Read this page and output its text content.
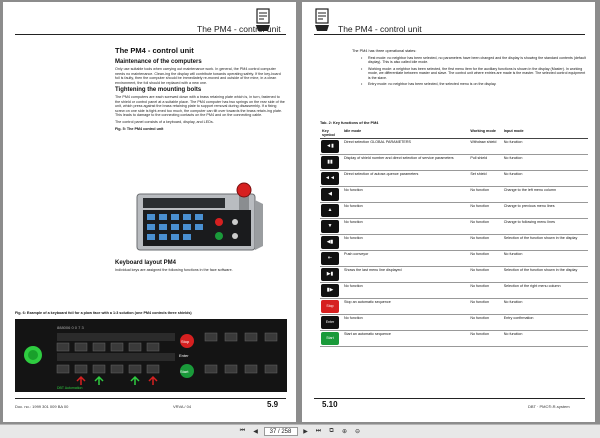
The PM4 - control unit
The PM4 - control unit
Maintenance of the computers
Only use suitable tools when carrying out maintenance work. In general, the PM4 control computer needs no maintenance. Clean-ing the display will contribute towards operating safety. If the key-board foil is faulty, then the computer should be immediately re-moved and outside of the mine, in a clean environment, the foil should be replaced with a new one.
Tightening the mounting bolts
The PM4 computers are each screwed down with a brass retaining plate which is, in turn, fastened to the shield or control panel at a suitable place. The PM4 computer has two springs on the rear side of the unit, which press against the brass retaining plate to support removal during disassembly. If a fixing screw on one side is tight-ened too much, the computer can tilt over towards the brass retain-ing plate. This leads to damage to the connecting contacts on the PM4 and on the connecting cable.
The control panel consists of a keyboard, display, and LEDs.
Fig. 5: The PM4 control unit
Keyboard layout PM4
Individual keys are assigned the following functions in the face software.
Fig. 6: Example of a keyboard foil for a plow face with a 1:3 solution (one PM4 controls three shields)
888006 0 0 7 3
Stop
Enter
Start
DBT Automation
Doc. no.: 1999 301 009 BA 00	VRVA / 04	5.9
The PM4 - control unit
The PM4 has three operational states:
• Rest mode: no neighbor has been selected, no parameters have been changed and the display is showing the standard contents (default display). This is also called idle mode.
• Working mode: a neighbor has been selected, the first menu item for the auxiliary functions is shown in the display (Master). In working mode, we differentiate between master and slave. The control unit where entries are made is the master. The selected control equipment is the slave.
• Entry mode: no neighbor has been selected, the selected menu is on the display.
Tab. 2: Key functions of the PM4
Key symbol	Idle mode	Working mode	Input mode

◄▮	Direct selection GLOBAL PARAMETERS	Withdraw shield	No function

▮▮	Display of shield number and direct selection of service parameters	Pull shield	No function

◄◄	Direct selection of autose-quence parameters	Set shield	No function

◀	No function	No function	Change to the left menu column

▲	No function	No function	Change to previous menu lines

▼	No function	No function	Change to following menu lines

◀▮	No function	No function	Selection of the function shown in the display

⇤	Push conveyor	No function	No function

▶▮	Shows the last menu line displayed	No function	Selection of the function shown in the display

▮▶	No function	No function	Selection of the right menu column

Stop	Stop an automatic sequence	No function	No function

Enter	No function	No function	Entry confirmation

Start	Start an automatic sequence	No function	No function
5.10	DBT · PMC®-R-system
⏮	◀	37 / 258	▶	⏭	⧉	⊕	⊖
